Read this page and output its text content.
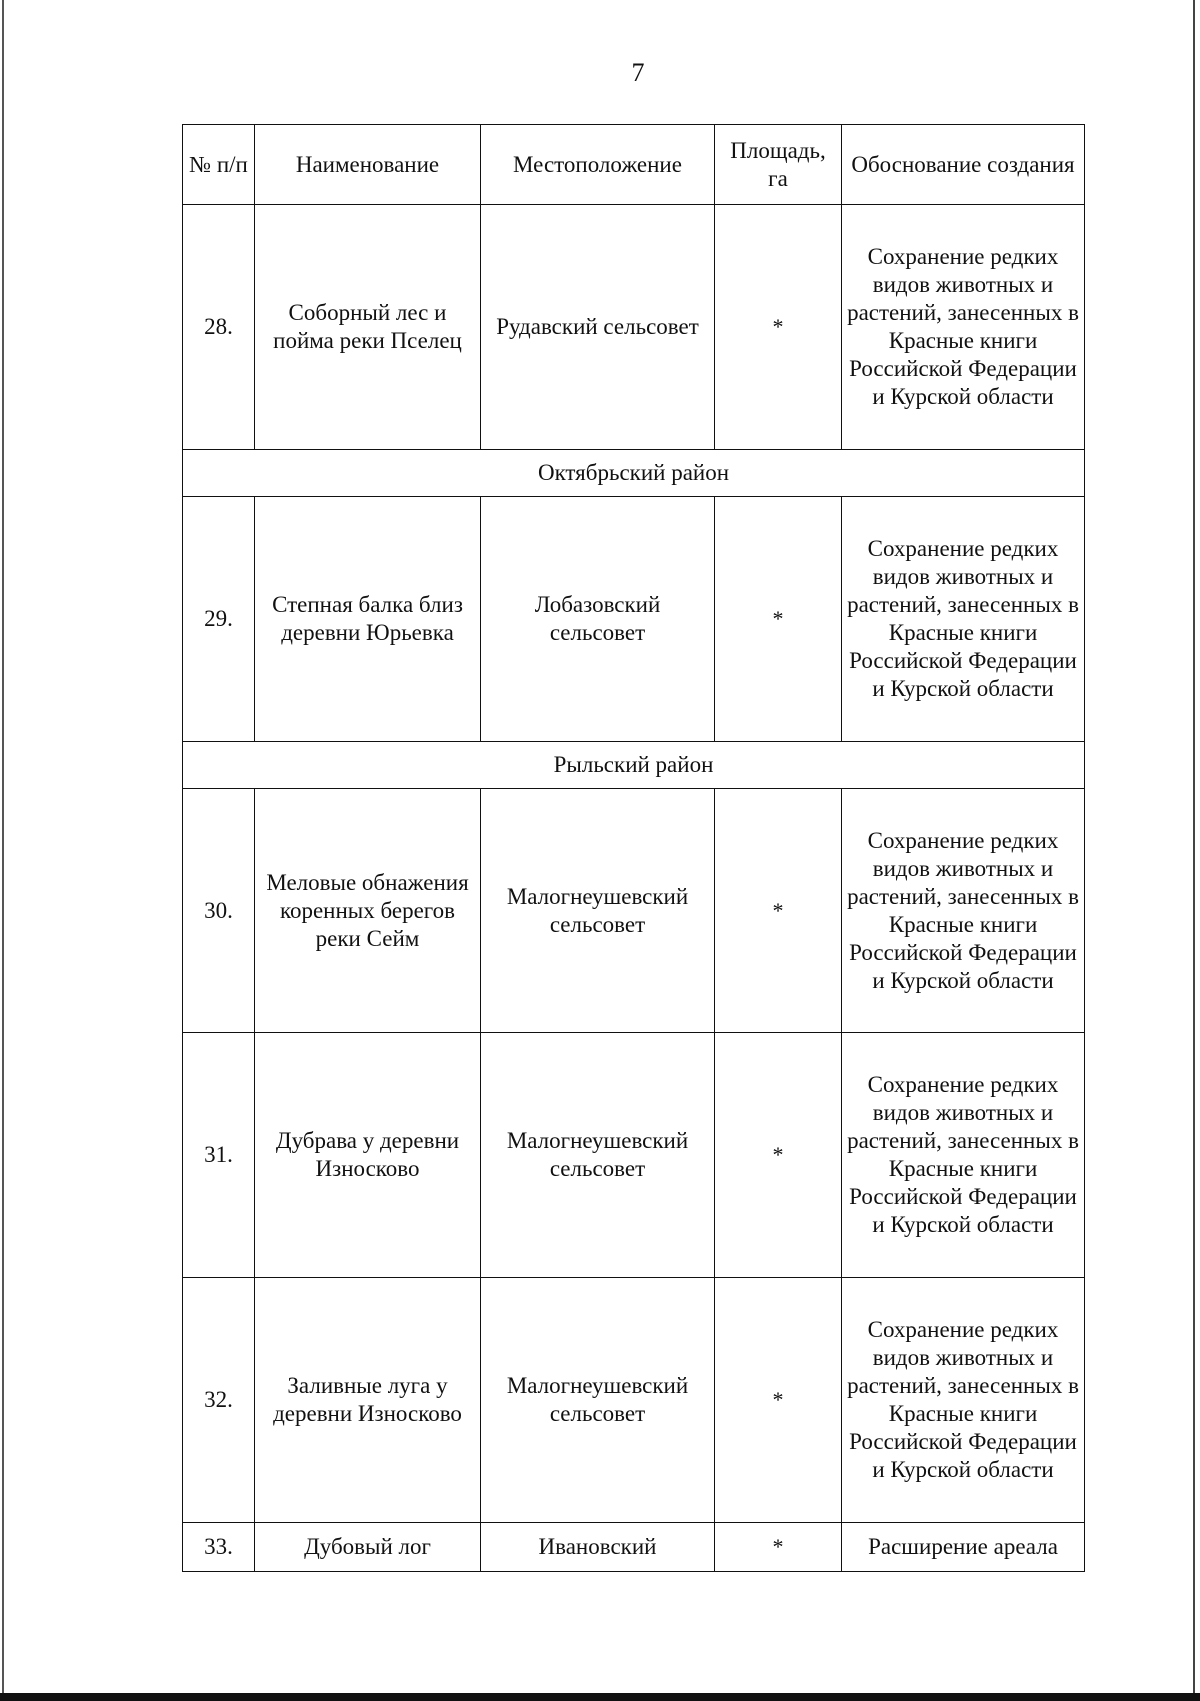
7
№ п/п	Наименование	Местоположение	Площадь, га	Обоснование создания
28.	Соборный лес и пойма реки Пселец	Рудавский сельсовет	*	Сохранение редких видов животных и растений, занесенных в Красные книги Российской Федерации и Курской области
Октябрьский район				
29.	Степная балка близ деревни Юрьевка	Лобазовский сельсовет	*	Сохранение редких видов животных и растений, занесенных в Красные книги Российской Федерации и Курской области
Рыльский район				
30.	Меловые обнажения коренных берегов реки Сейм	Малогнеушевский сельсовет	*	Сохранение редких видов животных и растений, занесенных в Красные книги Российской Федерации и Курской области
31.	Дубрава у деревни Износково	Малогнеушевский сельсовет	*	Сохранение редких видов животных и растений, занесенных в Красные книги Российской Федерации и Курской области
32.	Заливные луга у деревни Износково	Малогнеушевский сельсовет	*	Сохранение редких видов животных и растений, занесенных в Красные книги Российской Федерации и Курской области
33.	Дубовый лог	Ивановский	*	Расширение ареала
